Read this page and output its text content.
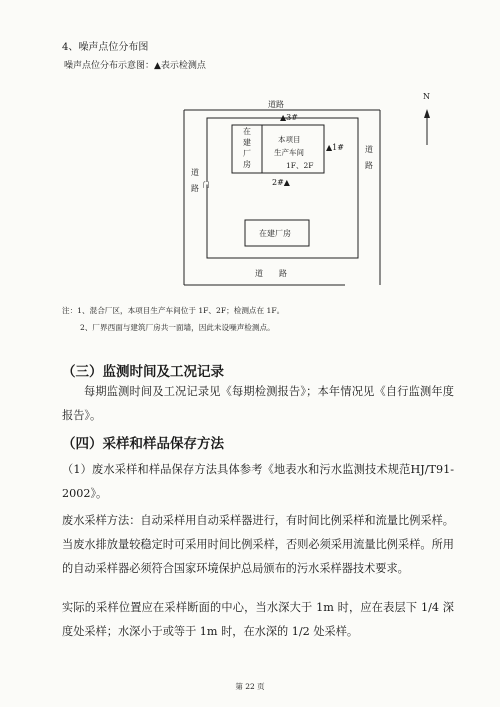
4、噪声点位分布图
噪声点位分布示意图：▲表示检测点
道路
道　　路
道
路
道
路
N
门
在
建
厂
房
本项目
生产车间
1F、2F
在建厂房
▲1#
2#▲
▲3#
注：1、混合厂区，本项目生产车间位于 1F、2F；检测点在 1F。
2、厂界西面与建筑厂房共一面墙，因此未设噪声检测点。
（三）监测时间及工况记录
每期监测时间及工况记录见《每期检测报告》；本年情况见《自行监测年度报告》。
（四）采样和样品保存方法
（1）废水采样和样品保存方法具体参考《地表水和污水监测技术规范HJ/T91-2002》。
废水采样方法：自动采样用自动采样器进行，有时间比例采样和流量比例采样。当废水排放量较稳定时可采用时间比例采样，否则必须采用流量比例采样。所用的自动采样器必须符合国家环境保护总局颁布的污水采样器技术要求。
实际的采样位置应在采样断面的中心，当水深大于 1m 时，应在表层下 1/4 深度处采样；水深小于或等于 1m 时，在水深的 1/2 处采样。
第 22 页
